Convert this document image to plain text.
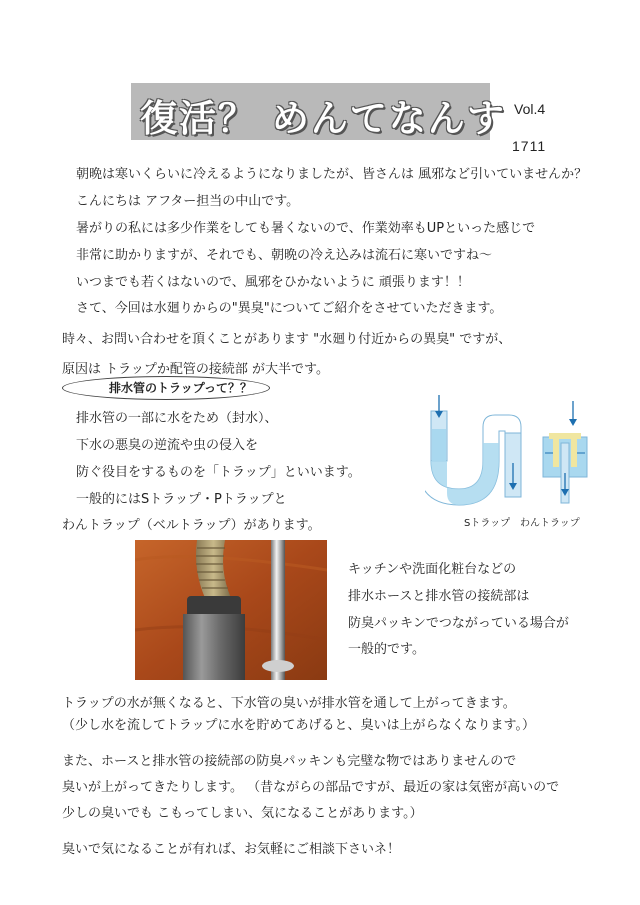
復活？ めんてなんす Vol.4
1711
朝晩は寒いくらいに冷えるようになりましたが、皆さんは 風邪など引いていませんか？
こんにちは アフター担当の中山です。
暑がりの私には多少作業をしても暑くないので、作業効率もUPといった感じで
非常に助かりますが、それでも、朝晩の冷え込みは流石に寒いですね～
いつまでも若くはないので、風邪をひかないように 頑張ります！！
さて、今回は水廻りからの"異臭"についてご紹介をさせていただきます。
時々、お問い合わせを頂くことがあります "水廻り付近からの異臭" ですが、
原因は トラップか配管の接続部 が大半です。
排水管のトラップって？？
排水管の一部に水をため（封水）、
下水の悪臭の逆流や虫の侵入を
防ぐ役目をするものを「トラップ」といいます。
一般的にはSトラップ・Pトラップと
わんトラップ（ベルトラップ）があります。	Sトラップ わんトラップ
キッチンや洗面化粧台などの
排水ホースと排水管の接続部は
防臭パッキンでつながっている場合が
一般的です。
トラップの水が無くなると、下水管の臭いが排水管を通して上がってきます。
（少し水を流してトラップに水を貯めてあげると、臭いは上がらなくなります。）
また、ホースと排水管の接続部の防臭パッキンも完璧な物ではありませんので
臭いが上がってきたりします。 （昔ながらの部品ですが、最近の家は気密が高いので
少しの臭いでも こもってしまい、気になることがあります。）
臭いで気になることが有れば、お気軽にご相談下さいネ！
